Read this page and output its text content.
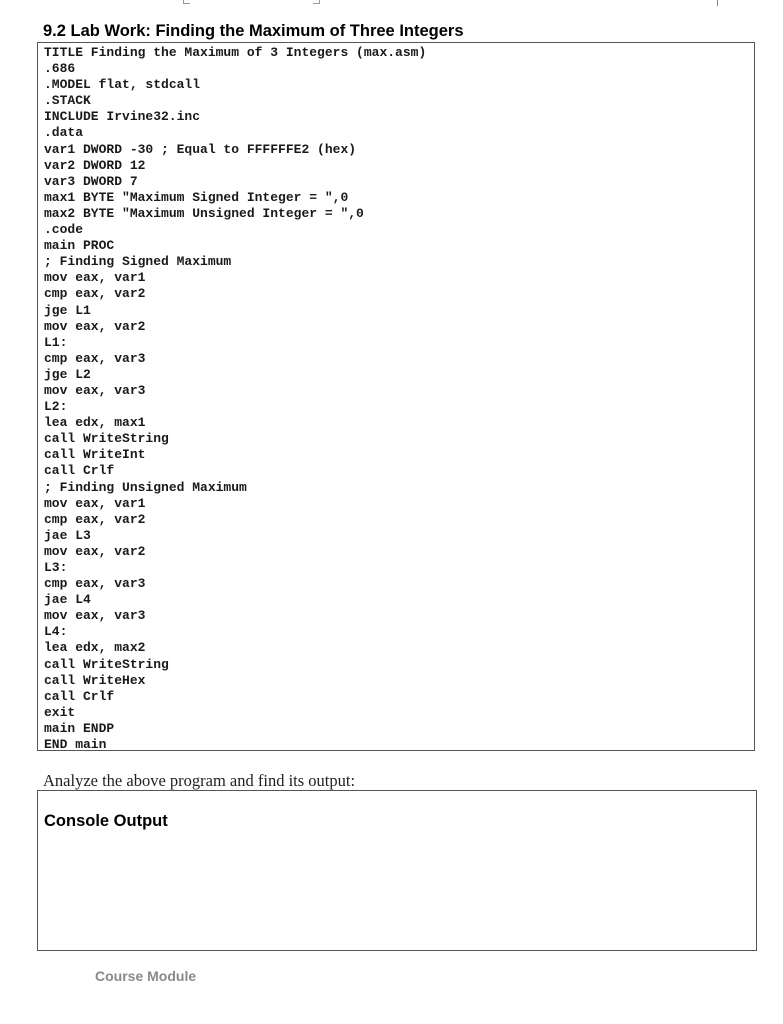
9.2 Lab Work: Finding the Maximum of Three Integers
TITLE Finding the Maximum of 3 Integers (max.asm)
.686
.MODEL flat, stdcall
.STACK
INCLUDE Irvine32.inc
.data
var1 DWORD -30 ; Equal to FFFFFFE2 (hex)
var2 DWORD 12
var3 DWORD 7
max1 BYTE "Maximum Signed Integer = ",0
max2 BYTE "Maximum Unsigned Integer = ",0
.code
main PROC
; Finding Signed Maximum
mov eax, var1
cmp eax, var2
jge L1
mov eax, var2
L1:
cmp eax, var3
jge L2
mov eax, var3
L2:
lea edx, max1
call WriteString
call WriteInt
call Crlf
; Finding Unsigned Maximum
mov eax, var1
cmp eax, var2
jae L3
mov eax, var2
L3:
cmp eax, var3
jae L4
mov eax, var3
L4:
lea edx, max2
call WriteString
call WriteHex
call Crlf
exit
main ENDP
END main

Analyze the above program and find its output:

Console Output
Course Module
